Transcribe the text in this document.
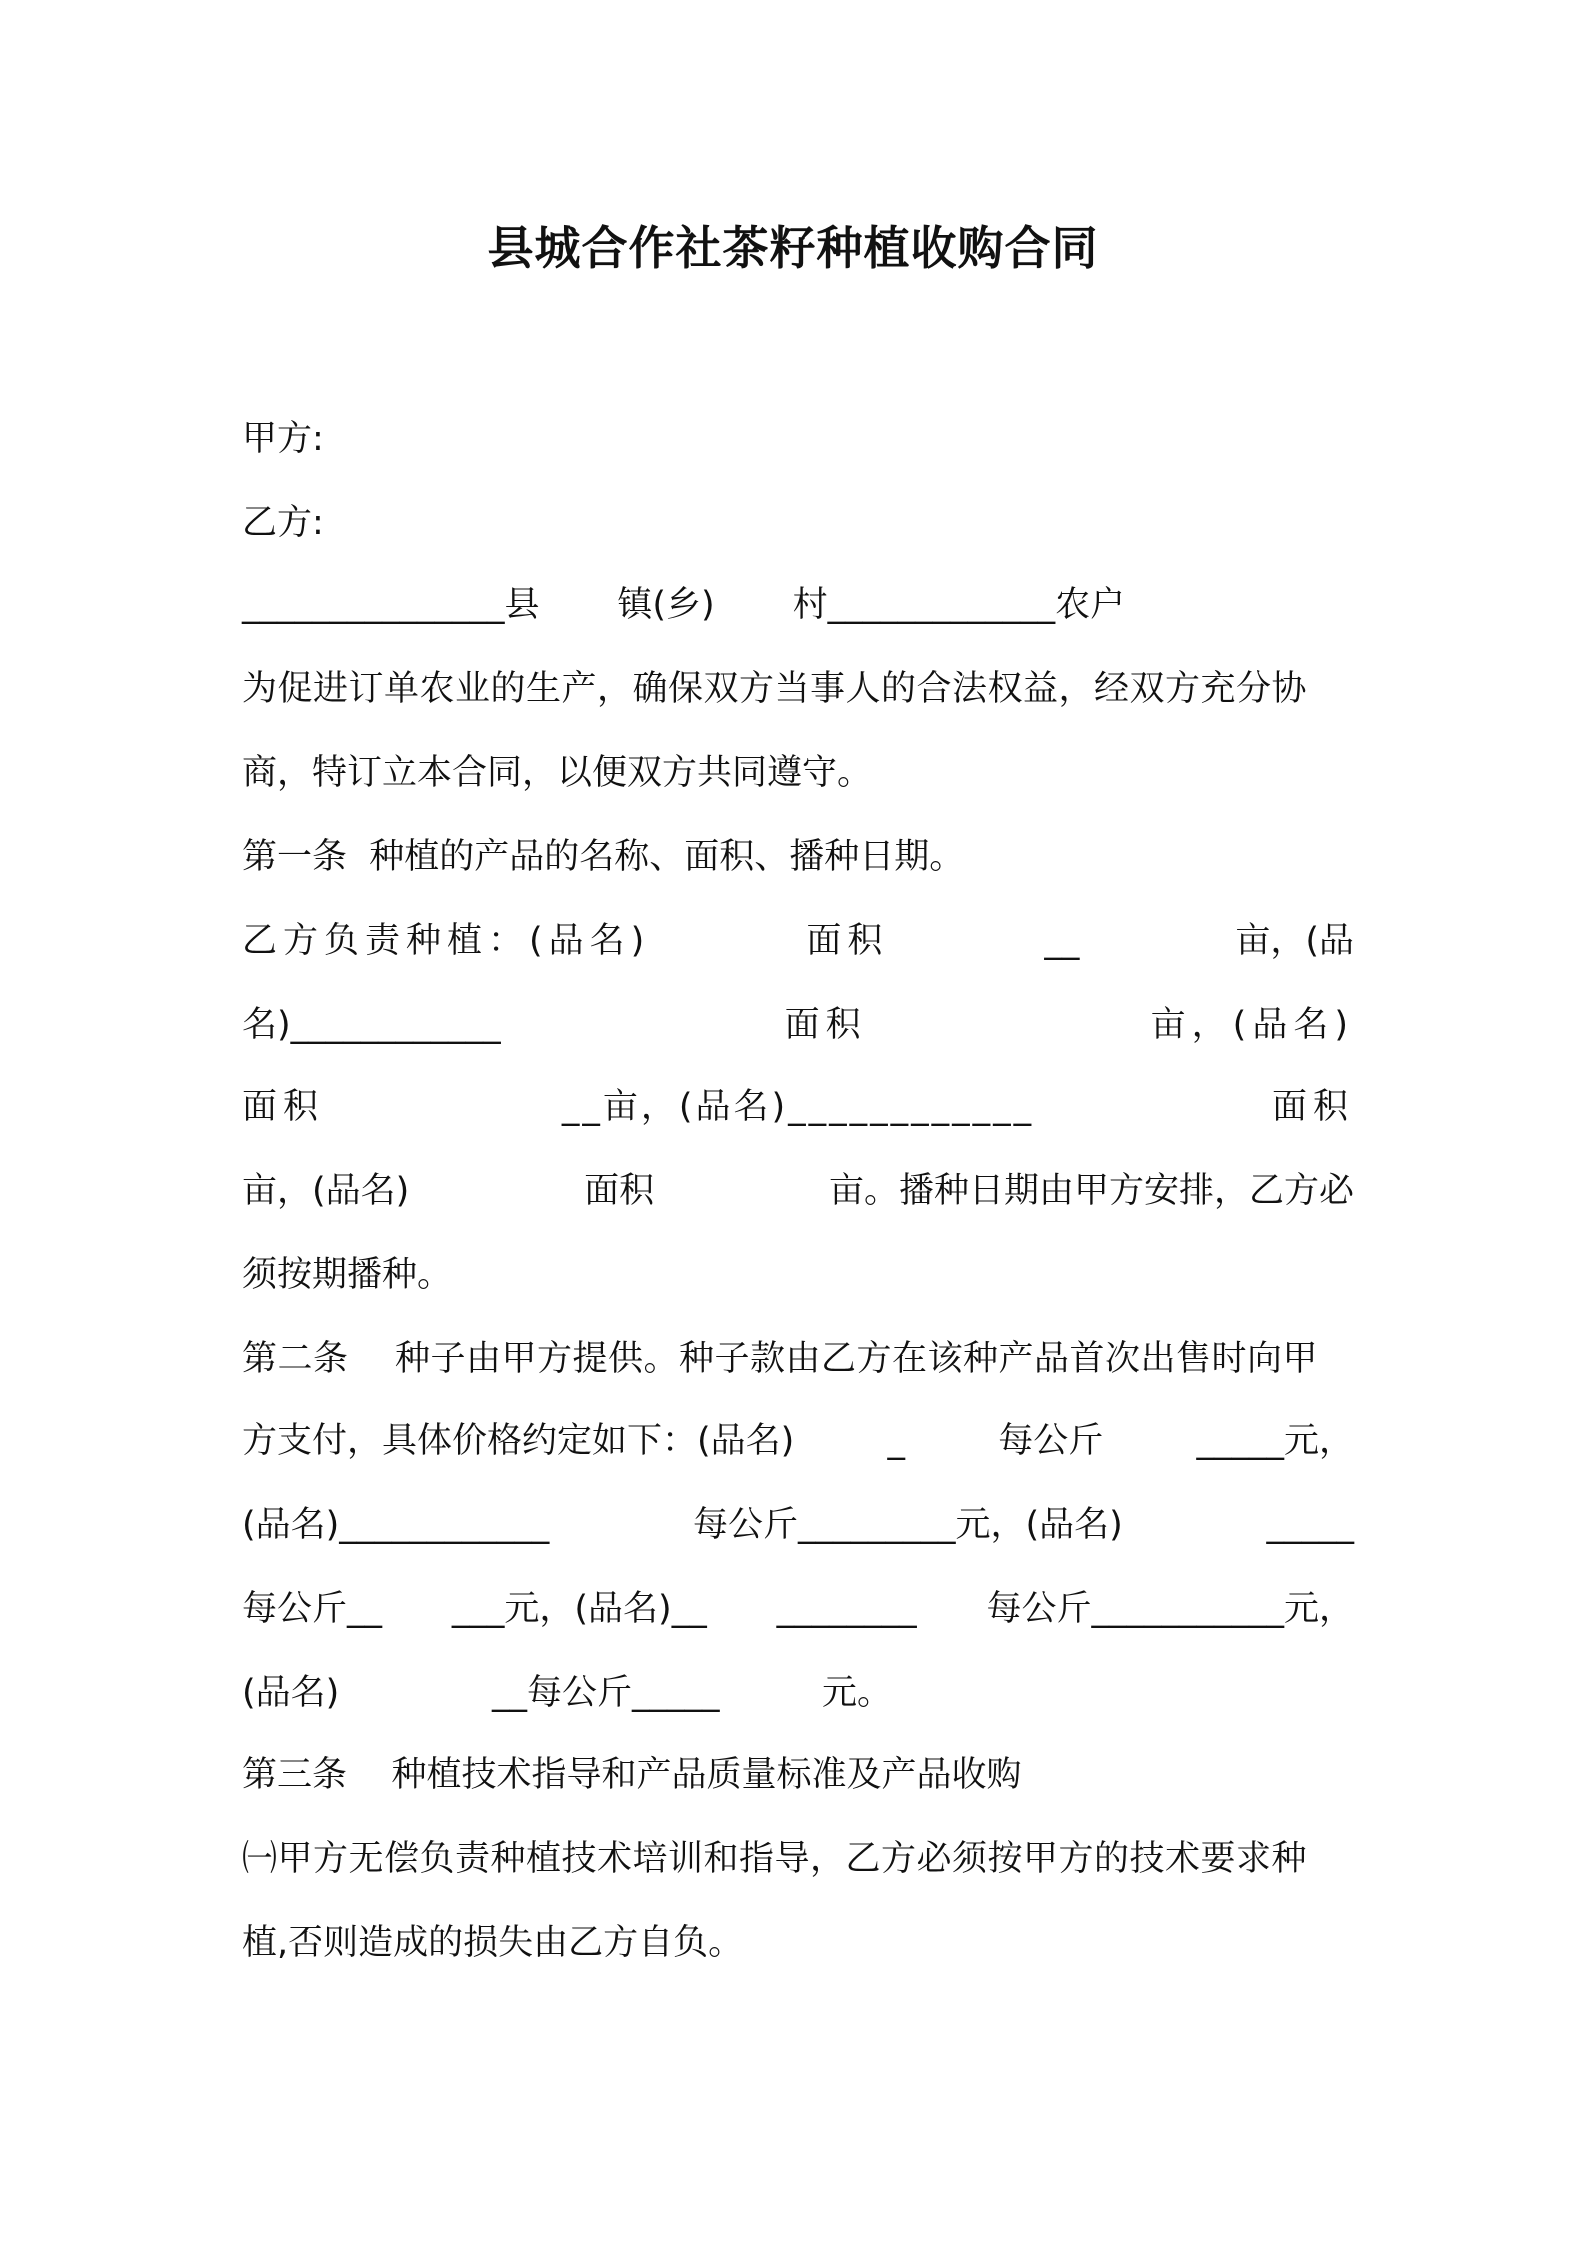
县城合作社茶籽种植收购合同
甲方:
乙方:
_______________县       镇(乡)       村_____________农户
为促进订单农业的生产，确保双方当事人的合法权益，经双方充分协
商，特订立本合同，以便双方共同遵守。
第一条  种植的产品的名称、面积、播种日期。
乙方负责种植：(品名)	面积	__	亩，(品
名)____________	面积	亩，(品名)
面积	__亩，(品名)____________	面积
亩，(品名)	面积	亩。播种日期由甲方安排，乙方必
须按期播种。
第二条    种子由甲方提供。种子款由乙方在该种产品首次出售时向甲
方支付，具体价格约定如下：(品名)	_	每公斤	_____元，
(品名)____________	每公斤_________元，(品名)	_____
每公斤__ ___元，(品名)__ ________ 每公斤___________元，
(品名)	__每公斤_____	元。
第三条    种植技术指导和产品质量标准及产品收购
㈠甲方无偿负责种植技术培训和指导，乙方必须按甲方的技术要求种
植,否则造成的损失由乙方自负。
